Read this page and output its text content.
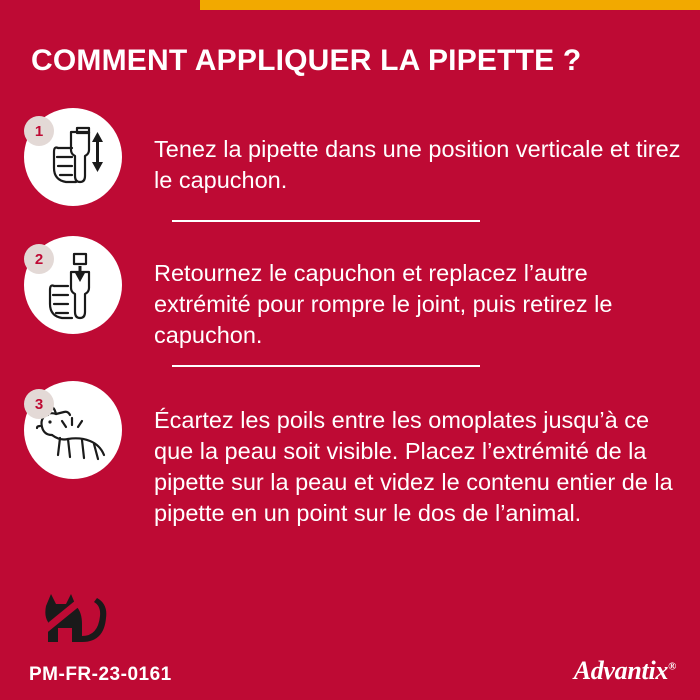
COMMENT APPLIQUER LA PIPETTE ?
1
Tenez la pipette dans une position verticale et tirez le capuchon.
2
Retournez le capuchon et replacez l’autre extrémité pour rompre le joint, puis retirez le capuchon.
3
Écartez les poils entre les omoplates jusqu’à ce que la peau soit visible. Placez l’extrémité de la pipette sur la peau et videz le contenu entier de la pipette en un point sur le dos de l’animal.
PM-FR-23-0161	Advantix®
